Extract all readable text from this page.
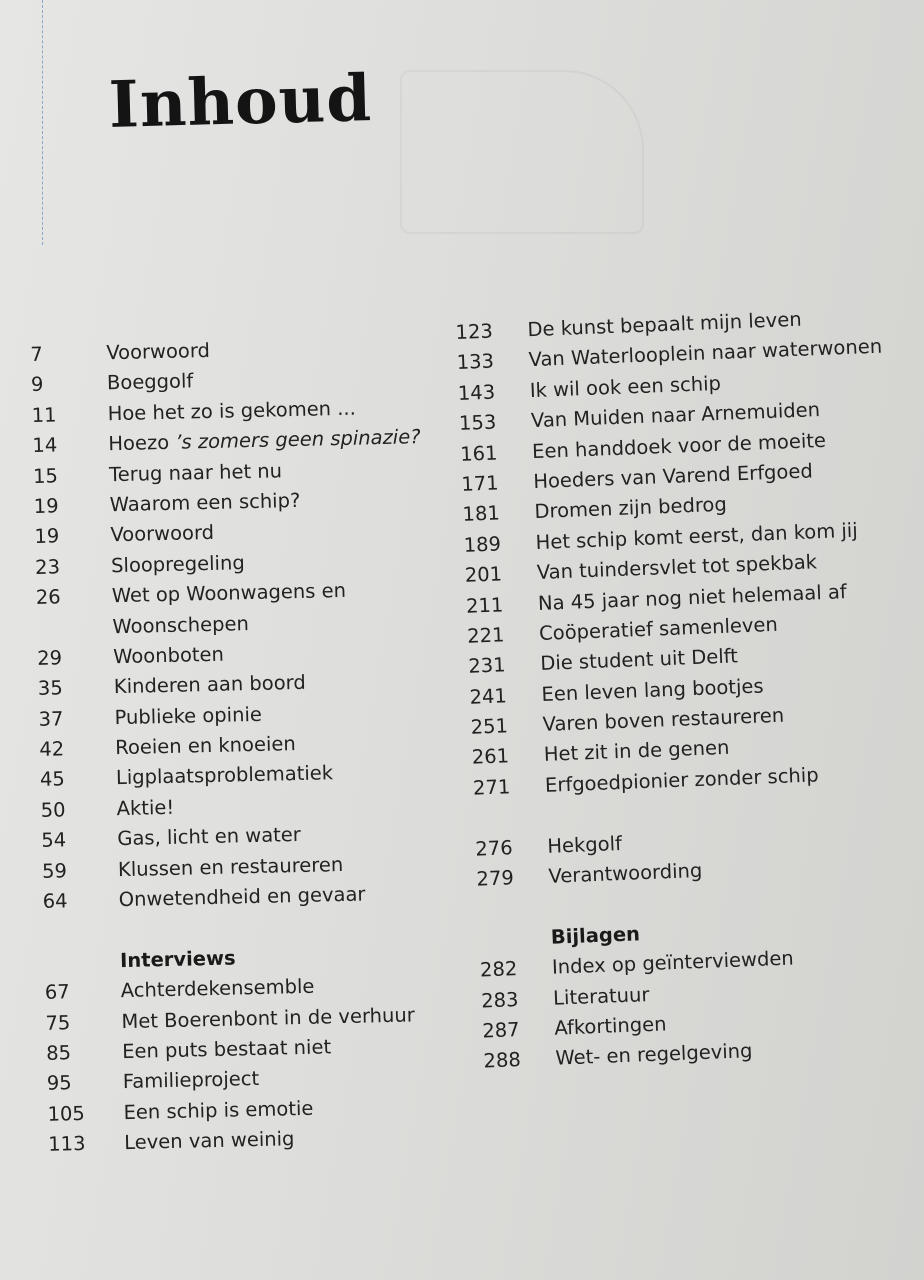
Inhoud
7	Voorwoord
9	Boeggolf
11	Hoe het zo is gekomen ...
14	Hoezo ’s zomers geen spinazie?
15	Terug naar het nu
19	Waarom een schip?
19	Voorwoord
23	Sloopregeling
26	Wet op Woonwagens en
Woonschepen
29	Woonboten
35	Kinderen aan boord
37	Publieke opinie
42	Roeien en knoeien
45	Ligplaatsproblematiek
50	Aktie!
54	Gas, licht en water
59	Klussen en restaureren
64	Onwetendheid en gevaar
Interviews
67	Achterdekensemble
75	Met Boerenbont in de verhuur
85	Een puts bestaat niet
95	Familieproject
105	Een schip is emotie
113	Leven van weinig
123	De kunst bepaalt mijn leven
133	Van Waterlooplein naar waterwonen
143	Ik wil ook een schip
153	Van Muiden naar Arnemuiden
161	Een handdoek voor de moeite
171	Hoeders van Varend Erfgoed
181	Dromen zijn bedrog
189	Het schip komt eerst, dan kom jij
201	Van tuindersvlet tot spekbak
211	Na 45 jaar nog niet helemaal af
221	Coöperatief samenleven
231	Die student uit Delft
241	Een leven lang bootjes
251	Varen boven restaureren
261	Het zit in de genen
271	Erfgoedpionier zonder schip
276	Hekgolf
279	Verantwoording
Bijlagen
282	Index op geïnterviewden
283	Literatuur
287	Afkortingen
288	Wet- en regelgeving
